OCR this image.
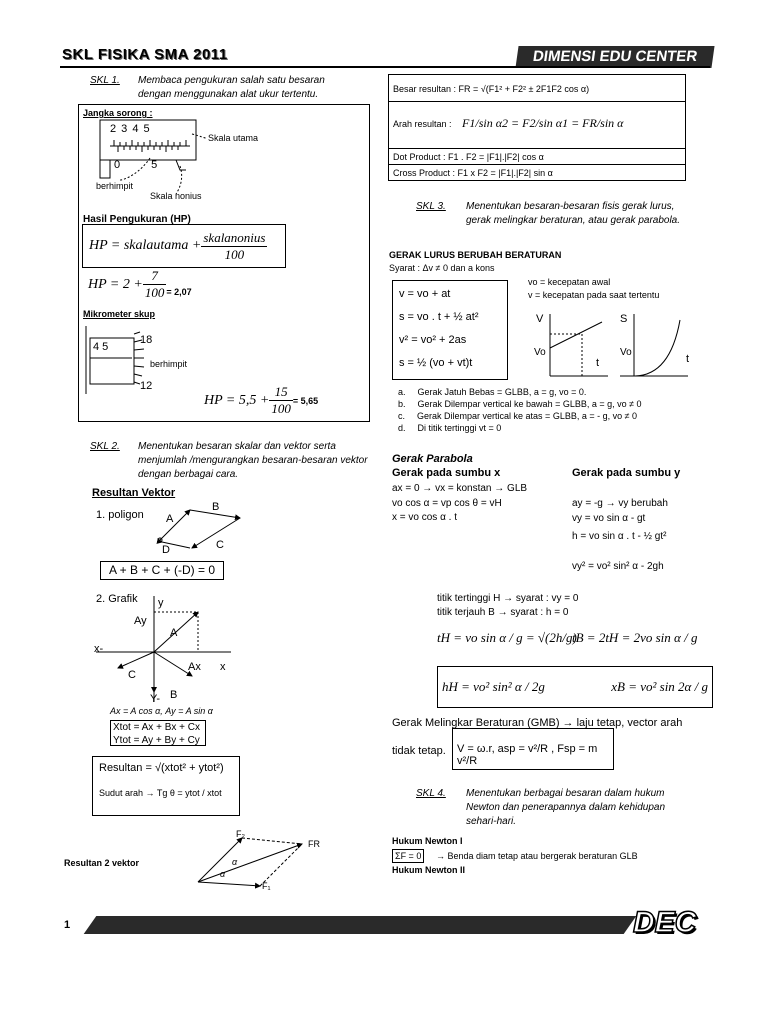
SKL FISIKA SMA 2011	DIMENSI EDU CENTER
SKL 1. Membaca pengukuran salah satu besaran dengan menggunakan alat ukur tertentu.
Jangka sorong :
2 3 4 5
0 5
Skala utama
berhimpit
Skala nonius
Hasil Pengukuran (HP)
HP = skalautama + $\frac{\text{skalanonius}}{100}$
HP = $2 + \frac{7}{100} = 2,07$
Mikrometer skup
4 5
18
12
berhimpit
HP = $5,5 + \frac{15}{100} = 5,65$
SKL 2. Menentukan besaran skalar dan vektor serta menjumlah /mengurangkan besaran-besaran vektor dengan berbagai cara.
Resultan Vektor
1. poligon A
B
C
D
A + B + C + (-D) = 0
2. Grafik y
Ay
A
x-
Ax x
C
Y- B
Ax = A cos α, Ay = A sin α
Xtot = Ax + Bx + Cx
Ytot = Ay + By + Cy
Resultan = √(xtot² + ytot²)
Sudut arah → Tg θ = ytot / xtot
Resultan 2 vektor
F₂
FR
F₁
α
α
Besar resultan : FR = √(F1² + F2² ± 2F1F2 cos α)
Arah resultan : F1/sin α2 = F2/sin α1 = FR/sin α
Dot Product : F1 . F2 = |F1|.|F2| cos α
Cross Product : F1 x F2 = |F1|.|F2| sin α
SKL 3. Menentukan besaran-besaran fisis gerak lurus, gerak melingkar beraturan, atau gerak parabola.
GERAK LURUS BERUBAH BERATURAN
Syarat : Δv ≠ 0 dan a kons
v = vo + at
s = vo . t + ½ at²
v² = vo² + 2as
s = ½ (vo + vt)t
vo = kecepatan awal
v = kecepatan pada saat tertentu
V
Vo
t
S
Vo
t
a. Gerak Jatuh Bebas = GLBB, a = g, vo = 0.
b. Gerak Dilempar vertical ke bawah = GLBB, a = g, vo ≠ 0
c. Gerak Dilempar vertical ke atas = GLBB, a = - g, vo ≠ 0
d. Di titik tertinggi vt = 0
Gerak Parabola
Gerak pada sumbu x	Gerak pada sumbu y
ax = 0 → vx = konstan → GLB
vo cos α = vp cos θ = vH
x = vo cos α . t
ay = -g → vy berubah
vy = vo sin α - gt
h = vo sin α . t - ½ gt²
vy² = vo² sin² α - 2gh
titik tertinggi H → syarat : vy = 0
titik terjauh B → syarat : h = 0
tH = vo sin α / g = √(2h/g)
tB = 2tH = 2vo sin α / g
hH = vo² sin² α / 2g	xB = vo² sin 2α / g
Gerak Melingkar Beraturan (GMB) → laju tetap, vector arah
tidak tetap.	V = ω.r, asp = v²/R , Fsp = m v²/R
SKL 4. Menentukan berbagai besaran dalam hukum Newton dan penerapannya dalam kehidupan sehari-hari.
Hukum Newton I
ΣF = 0	→ Benda diam tetap atau bergerak beraturan GLB
Hukum Newton II
1	DEC
